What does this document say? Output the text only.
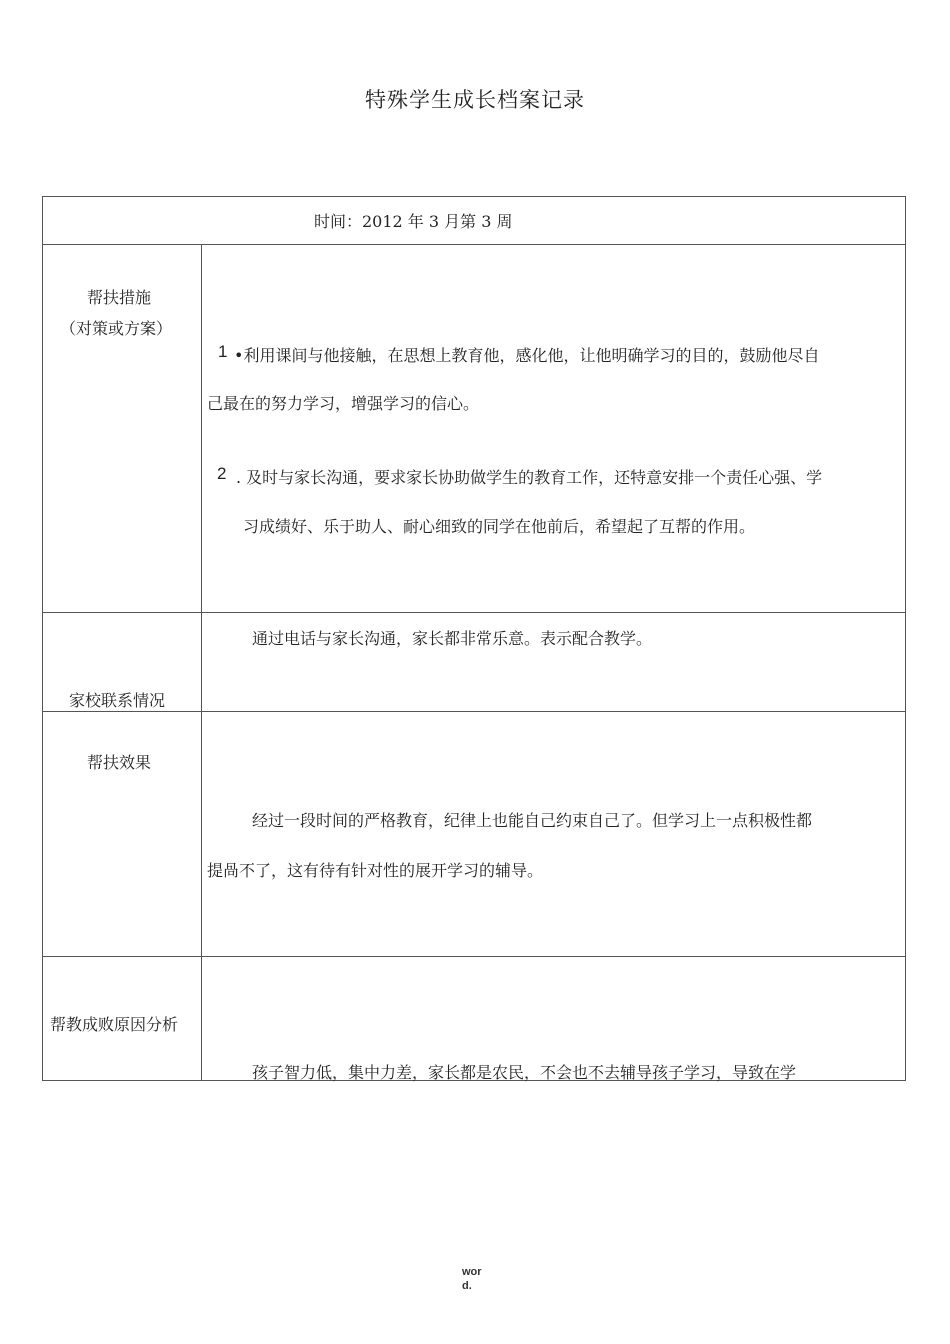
特殊学生成长档案记录
时间：2012 年 3 月第 3 周
帮扶措施
（对策或方案）
1 •利用课间与他接触，在思想上教育他，感化他，让他明确学习的目的，鼓励他尽自
己最在的努力学习，增强学习的信心。
2 . 及时与家长沟通，要求家长协助做学生的教育工作，还特意安排一个责任心强、学
习成绩好、乐于助人、耐心细致的同学在他前后，希望起了互帮的作用。
家校联系情况
通过电话与家长沟通，家长都非常乐意。表示配合教学。
帮扶效果
经过一段时间的严格教育，纪律上也能自己约束自己了。但学习上一点积极性都
提咼不了，这有待有针对性的展开学习的辅导。
帮教成败原因分析
孩子智力低，集中力差，家长都是农民，不会也不去辅导孩子学习，导致在学
wor
d.
